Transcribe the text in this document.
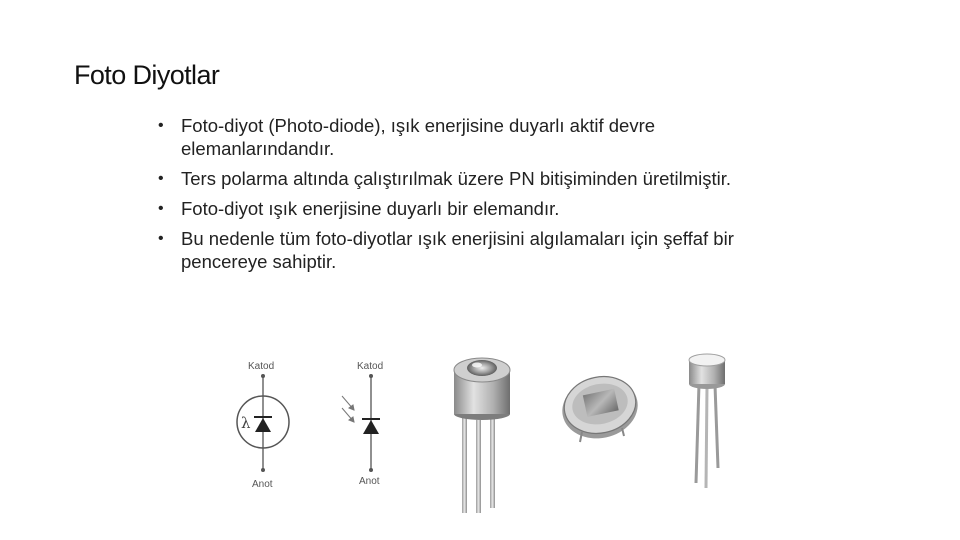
Foto Diyotlar
• Foto-diyot (Photo-diode), ışık enerjisine duyarlı aktif devre elemanlarındandır.
• Ters polarma altında çalıştırılmak üzere PN bitişiminden üretilmiştir.
• Foto-diyot ışık enerjisine duyarlı bir elemandır.
• Bu nedenle tüm foto-diyotlar ışık enerjisini algılamaları için şeffaf bir pencereye sahiptir.
Katod
λ
Anot
Katod
Anot
